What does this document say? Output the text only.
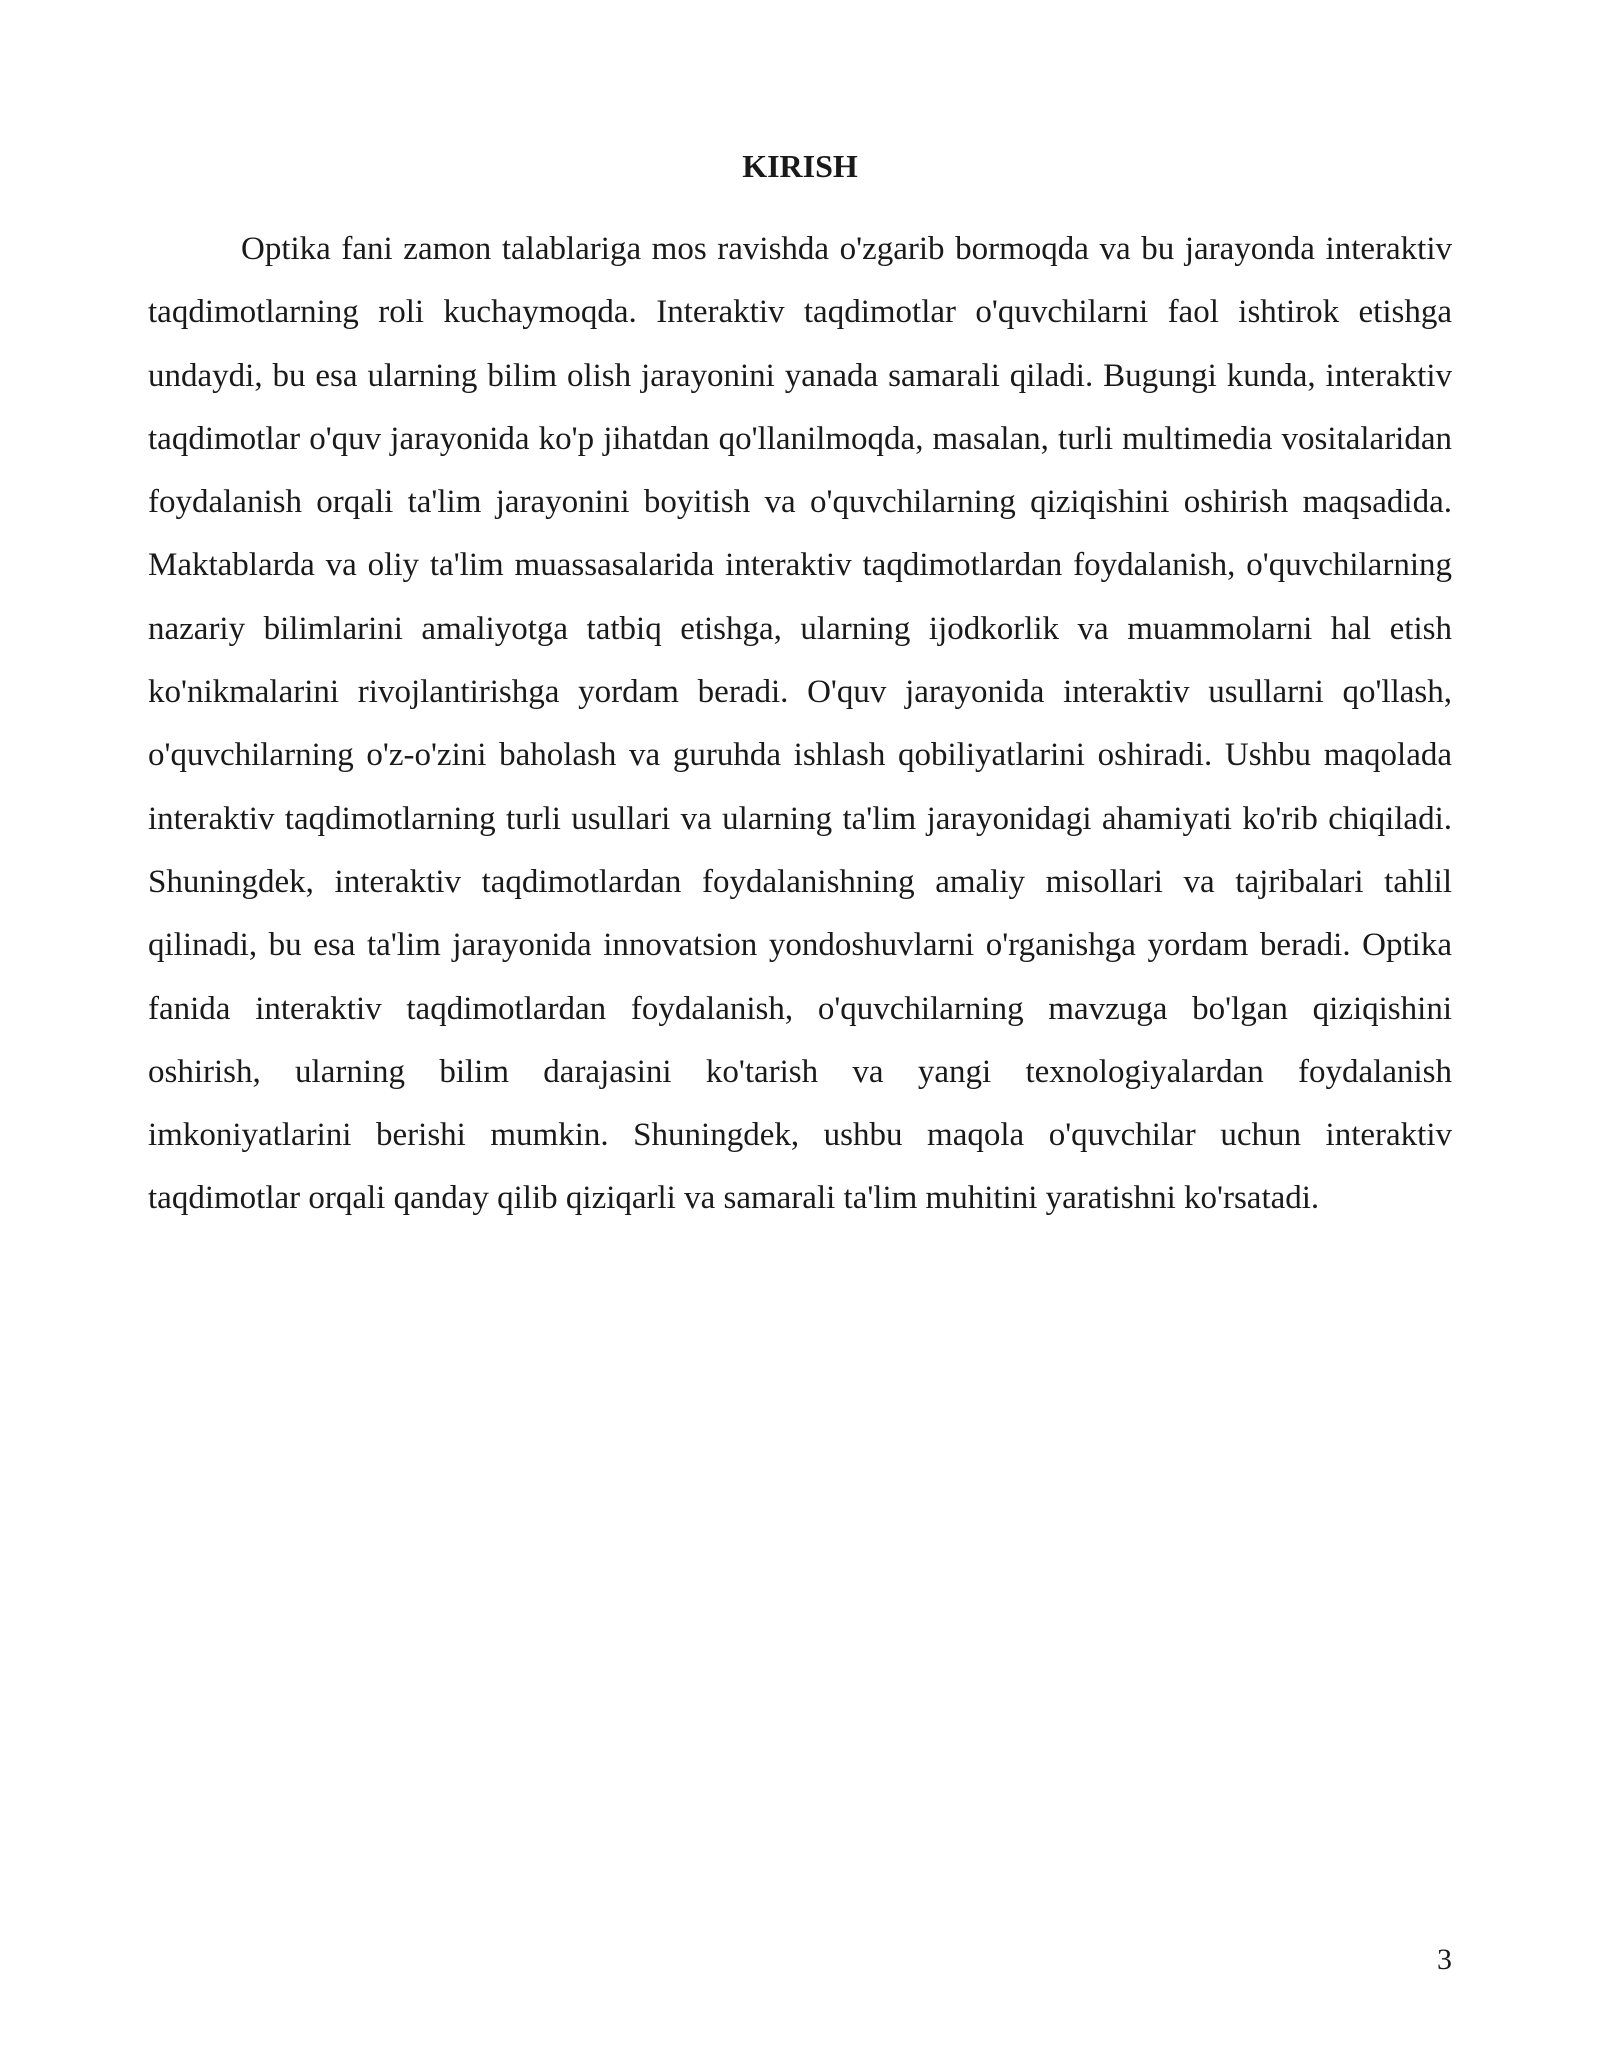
KIRISH

Optika fani zamon talablariga mos ravishda o'zgarib bormoqda va bu jarayonda interaktiv taqdimotlarning roli kuchaymoqda. Interaktiv taqdimotlar o'quvchilarni faol ishtirok etishga undaydi, bu esa ularning bilim olish jarayonini yanada samarali qiladi. Bugungi kunda, interaktiv taqdimotlar o'quv jarayonida ko'p jihatdan qo'llanilmoqda, masalan, turli multimedia vositalaridan foydalanish orqali ta'lim jarayonini boyitish va o'quvchilarning qiziqishini oshirish maqsadida. Maktablarda va oliy ta'lim muassasalarida interaktiv taqdimotlardan foydalanish, o'quvchilarning nazariy bilimlarini amaliyotga tatbiq etishga, ularning ijodkorlik va muammolarni hal etish ko'nikmalarini rivojlantirishga yordam beradi. O'quv jarayonida interaktiv usullarni qo'llash, o'quvchilarning o'z-o'zini baholash va guruhda ishlash qobiliyatlarini oshiradi. Ushbu maqolada interaktiv taqdimotlarning turli usullari va ularning ta'lim jarayonidagi ahamiyati ko'rib chiqiladi. Shuningdek, interaktiv taqdimotlardan foydalanishning amaliy misollari va tajribalari tahlil qilinadi, bu esa ta'lim jarayonida innovatsion yondoshuvlarni o'rganishga yordam beradi. Optika fanida interaktiv taqdimotlardan foydalanish, o'quvchilarning mavzuga bo'lgan qiziqishini oshirish, ularning bilim darajasini ko'tarish va yangi texnologiyalardan foydalanish imkoniyatlarini berishi mumkin. Shuningdek, ushbu maqola o'quvchilar uchun interaktiv taqdimotlar orqali qanday qilib qiziqarli va samarali ta'lim muhitini yaratishni ko'rsatadi.

3
